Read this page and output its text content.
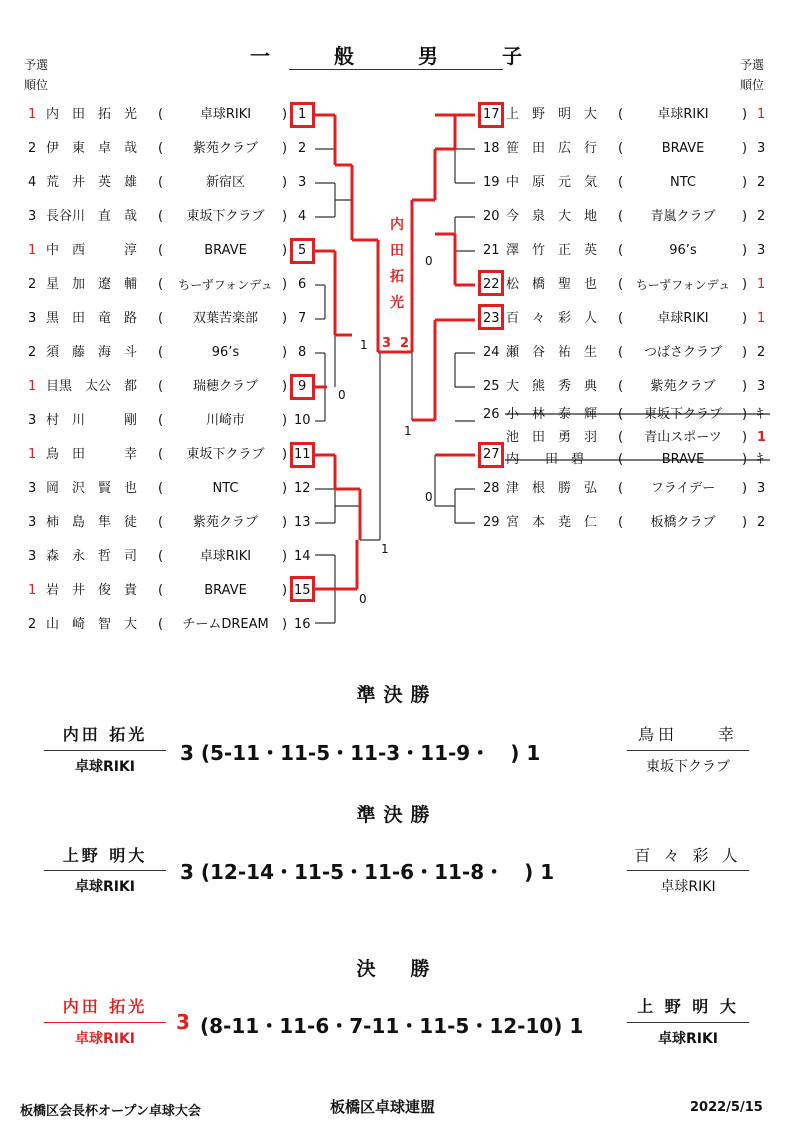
一　般　男　子
予選
順位
予選
順位
1 内　田　拓　光 (	卓球RIKI	) 1
2 伊　東　卓　哉 (	紫苑クラブ	) 2
4 荒　井　英　雄 (	新宿区	) 3
3 長谷川　直　哉 (	東坂下クラブ	) 4
1 中　西　　　淳 (	BRAVE	) 5
2 星　加　遼　輔 (	ちーずフォンデュ ) 6
3 黒　田　竜　路 (	双葉苦楽部	) 7
2 須　藤　海　斗 (	96’s	) 8
1 目黒　太公　都 (	瑞穂クラブ	) 9
3 村　川　　　剛 (	川崎市	) 10
1 鳥　田　　　幸 (	東坂下クラブ	) 11
3 岡　沢　賢　也 (	NTC	) 12
3 柿　島　隼　徒 (	紫苑クラブ	) 13
3 森　永　哲　司 (	卓球RIKI	) 14
1 岩　井　俊　貴 (	BRAVE	) 15
2 山　崎　智　大 (	チームDREAM	) 16
17 上　野　明　大 (	卓球RIKI	) 1
18 笹　田　広　行 (	BRAVE	) 3
19 中　原　元　気 (	NTC	) 2
20 今　泉　大　地 (	青嵐クラブ	) 2
21 澤　竹　正　英 (	96’s	) 3
22 松　橋　聖　也 (	ちーずフォンデュ ) 1
23 百　々　彩　人 (	卓球RIKI	) 1
24 瀬　谷　祐　生 (	つばさクラブ	) 2
25 大　熊　秀　典 (	紫苑クラブ	) 3
26 小　林　泰　輝 (	東坂下クラブ	) ｷ
池　田　勇　羽 (	青山スポーツ	) 1
27 内　　田　碧	(	BRAVE	) ｷ
28 津　根　勝　弘 (	フライデー	) 3
29 宮　本　尭　仁 (	板橋クラブ	) 2
1
0
1
0
0
1
0
内
田
拓
光
3 2
準決勝
内田 拓光
卓球RIKI
3 (5-11・11-5・11-3・11-9・　) 1
鳥田　　幸
東坂下クラブ
準決勝
上野 明大
卓球RIKI
3 (12-14・11-5・11-6・11-8・　) 1
百 々 彩 人
卓球RIKI
決　勝
内田 拓光
卓球RIKI
3 (8-11・11-6・7-11・11-5・12-10) 1
上 野 明 大
卓球RIKI
板橋区会長杯オープン卓球大会	板橋区卓球連盟	2022/5/15
